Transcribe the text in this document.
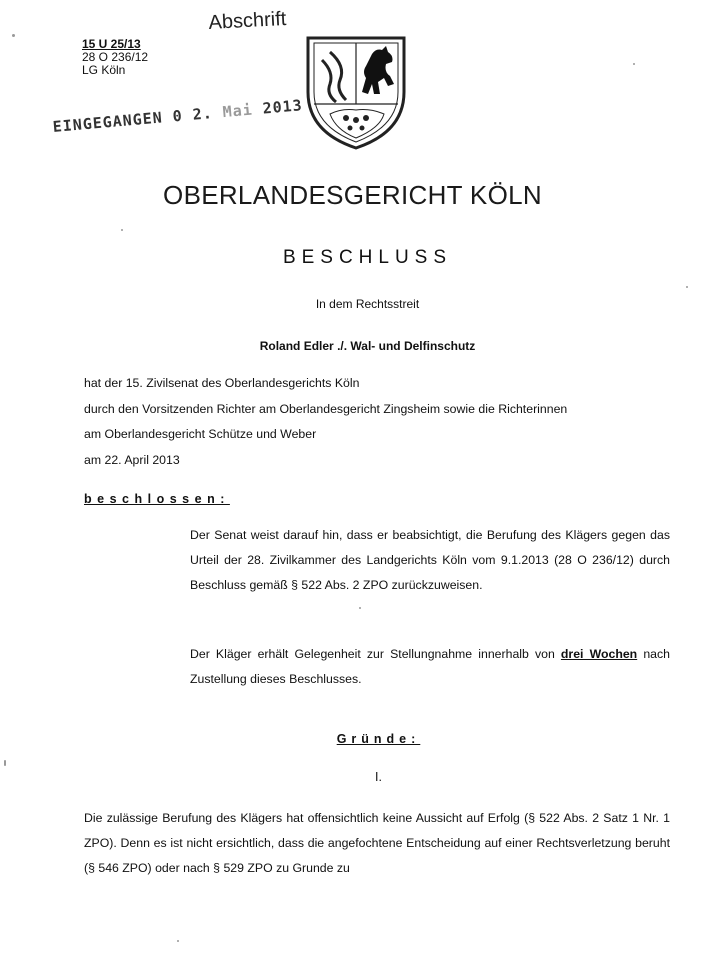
Abschrift
15 U 25/13
28 O 236/12
LG Köln
EINGEGANGEN 0 2. Mai 2013
OBERLANDESGERICHT KÖLN
BESCHLUSS
In dem Rechtsstreit
Roland Edler ./. Wal- und Delfinschutz
hat der 15. Zivilsenat des Oberlandesgerichts Köln
durch den Vorsitzenden Richter am Oberlandesgericht Zingsheim sowie die Richterinnen
am Oberlandesgericht Schütze und Weber
am 22. April 2013
beschlossen:
Der Senat weist darauf hin, dass er beabsichtigt, die Berufung des Klägers gegen das Urteil der 28. Zivilkammer des Landgerichts Köln vom 9.1.2013 (28 O 236/12) durch Beschluss gemäß § 522 Abs. 2 ZPO zurückzuweisen.
Der Kläger erhält Gelegenheit zur Stellungnahme innerhalb von drei Wochen nach Zustellung dieses Beschlusses.
Gründe:
I.
Die zulässige Berufung des Klägers hat offensichtlich keine Aussicht auf Erfolg (§ 522 Abs. 2 Satz 1 Nr. 1 ZPO). Denn es ist nicht ersichtlich, dass die angefochtene Entscheidung auf einer Rechtsverletzung beruht (§ 546 ZPO) oder nach § 529 ZPO zu Grunde zu
